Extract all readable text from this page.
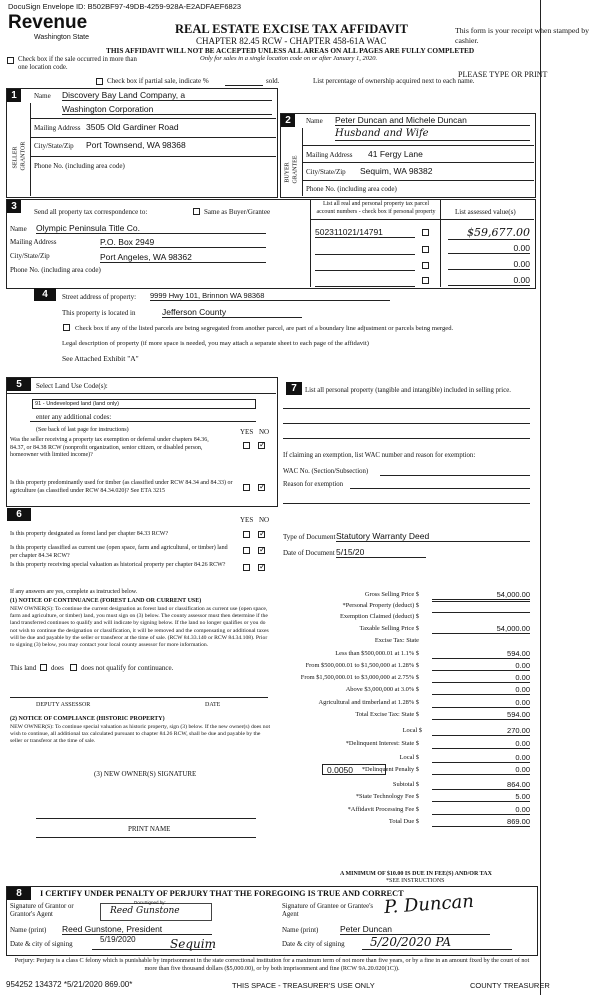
DocuSign Envelope ID: B502BF97-49DB-4259-928A-E2ADFAEF6823
Revenue
Washington State
REAL ESTATE EXCISE TAX AFFIDAVIT
CHAPTER 82.45 RCW - CHAPTER 458-61A WAC
THIS AFFIDAVIT WILL NOT BE ACCEPTED UNLESS ALL AREAS ON ALL PAGES ARE FULLY COMPLETED
Only for sales in a single location code on or after January 1, 2020.
This form is your receipt when stamped by cashier.
PLEASE TYPE OR PRINT
Check box if the sale occurred in more than one location code.
Check box if partial sale, indicate %	sold.	List percentage of ownership acquired next to each name.
1
SELLER GRANTOR
Name Discovery Bay Land Company, a
Washington Corporation
Mailing Address 3505 Old Gardiner Road
City/State/Zip Port Townsend, WA 98368
Phone No. (including area code)
2
BUYER GRANTEE
Name Peter Duncan and Michele Duncan
Husband and Wife
Mailing Address 41 Fergy Lane
City/State/Zip Sequim, WA 98382
Phone No. (including area code)
3	Send all property tax correspondence to:	Same as Buyer/Grantee
Name Olympic Peninsula Title Co.
Mailing Address	P.O. Box 2949
City/State/Zip	Port Angeles, WA 98362
Phone No. (including area code)
List all real and personal property tax parcel account numbers - check box if personal property	List assessed value(s)
502311021/14791	$59,677.00
0.00
0.00
0.00
4	Street address of property: 9999 Hwy 101, Brinnon WA 98368
This property is located in	Jefferson County
Check box if any of the listed parcels are being segregated from another parcel, are part of a boundary line adjustment or parcels being merged.
Legal description of property (if more space is needed, you may attach a separate sheet to each page of the affidavit)
See Attached Exhibit "A"
5	Select Land Use Code(s):
91 - Undeveloped land (land only)
enter any additional codes:
(See back of last page for instructions)	YES NO
Was the seller receiving a property tax exemption or deferral under chapters 84.36, 84.37, or 84.38 RCW (nonprofit organization, senior citizen, or disabled person, homeowner with limited income)?
✓
Is this property predominantly used for timber (as classified under RCW 84.34 and 84.33) or agriculture (as classified under RCW 84.34.020)? See ETA 3215
✓
7	List all personal property (tangible and intangible) included in selling price.
If claiming an exemption, list WAC number and reason for exemption:
WAC No. (Section/Subsection)
Reason for exemption
6	YES NO
Is this property designated as forest land per chapter 84.33 RCW?
✓
Is this property classified as current use (open space, farm and agricultural, or timber) land per chapter 84.34 RCW?
✓
Is this property receiving special valuation as historical property per chapter 84.26 RCW?
✓
If any answers are yes, complete as instructed below.
(1) NOTICE OF CONTINUANCE (FOREST LAND OR CURRENT USE)
NEW OWNER(S): To continue the current designation as forest land or classification as current use (open space, farm and agriculture, or timber) land, you must sign on (3) below. The county assessor must then determine if the land transferred continues to qualify and will indicate by signing below. If the land no longer qualifies or you do not wish to continue the designation or classification, it will be removed and the compensating or additional taxes will be due and payable by the seller or transferor at the time of sale. (RCW 84.33.140 or RCW 84.34.108). Prior to signing (3) below, you may contact your local county assessor for more information.
This land does does not qualify for continuance.
DEPUTY ASSESSOR	DATE
(2) NOTICE OF COMPLIANCE (HISTORIC PROPERTY)
NEW OWNER(S): To continue special valuation as historic property, sign (3) below. If the new owner(s) does not wish to continue, all additional tax calculated pursuant to chapter 84.26 RCW, shall be due and payable by the seller or transferor at the time of sale.
(3) NEW OWNER(S) SIGNATURE
PRINT NAME
Type of Document Statutory Warranty Deed
Date of Document 5/15/20
Gross Selling Price $	54,000.00
*Personal Property (deduct) $
Exemption Claimed (deduct) $
Taxable Selling Price $	54,000.00
Excise Tax: State
Less than $500,000.01 at 1.1% $	594.00
From $500,000.01 to $1,500,000 at 1.28% $	0.00
From $1,500,000.01 to $3,000,000 at 2.75% $	0.00
Above $3,000,000 at 3.0% $	0.00
Agricultural and timberland at 1.28% $	0.00
Total Excise Tax: State $	594.00
Local $	270.00
*Delinquent Interest: State $	0.00
Local $	0.00
*Delinquent Penalty $	0.00
Subtotal $	864.00
*State Technology Fee $	5.00
*Affidavit Processing Fee $	0.00
Total Due $	869.00
0.0050
A MINIMUM OF $10.00 IS DUE IN FEE(S) AND/OR TAX
*SEE INSTRUCTIONS
8	I CERTIFY UNDER PENALTY OF PERJURY THAT THE FOREGOING IS TRUE AND CORRECT
Signature of Grantor or Grantor's Agent
DocuSigned by:
Reed Gunstone	Signature of Grantee or Grantee's Agent	P. Duncan
Name (print) Reed Gunstone, President	Name (print)	Peter Duncan
Date & city of signing	5/19/2020	Sequim	Date & city of signing 5/20/2020 PA
Perjury: Perjury is a class C felony which is punishable by imprisonment in the state correctional institution for a maximum term of not more than five years, or by a fine in an amount fixed by the court of not more than five thousand dollars ($5,000.00), or by both imprisonment and fine (RCW 9A.20.020(1C)).
954252 134372 *5/21/2020 869.00*	THIS SPACE - TREASURER'S USE ONLY	COUNTY TREASURER
